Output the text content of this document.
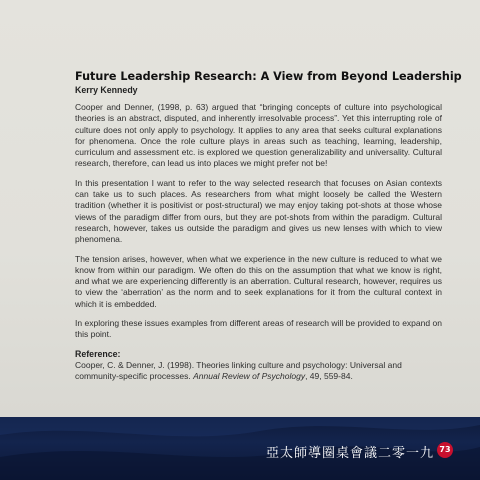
Future Leadership Research: A View from Beyond Leadership

Kerry Kennedy

Cooper and Denner, (1998, p. 63) argued that “bringing concepts of culture into psychological theories is an abstract, disputed, and inherently irresolvable process”. Yet this interrupting role of culture does not only apply to psychology. It applies to any area that seeks cultural explanations for phenomena. Once the role culture plays in areas such as teaching, learning, leadership, curriculum and assessment etc. is explored we question generalizability and universality. Cultural research, therefore, can lead us into places we might prefer not be!

In this presentation I want to refer to the way selected research that focuses on Asian contexts can take us to such places. As researchers from what might loosely be called the Western tradition (whether it is positivist or post-structural) we may enjoy taking pot-shots at those whose views of the paradigm differ from ours, but they are pot-shots from within the paradigm. Cultural research, however, takes us outside the paradigm and gives us new lenses with which to view phenomena.

The tension arises, however, when what we experience in the new culture is reduced to what we know from within our paradigm. We often do this on the assumption that what we know is right, and what we are experiencing differently is an aberration. Cultural research, however, requires us to view the ‘aberration’ as the norm and to seek explanations for it from the cultural context in which it is embedded.

In exploring these issues examples from different areas of research will be provided to expand on this point.

Reference:

Cooper, C. & Denner, J. (1998). Theories linking culture and psychology: Universal and community-specific processes. Annual Review of Psychology, 49, 559-84.

亞太師導圈桌會議二零一九 73
